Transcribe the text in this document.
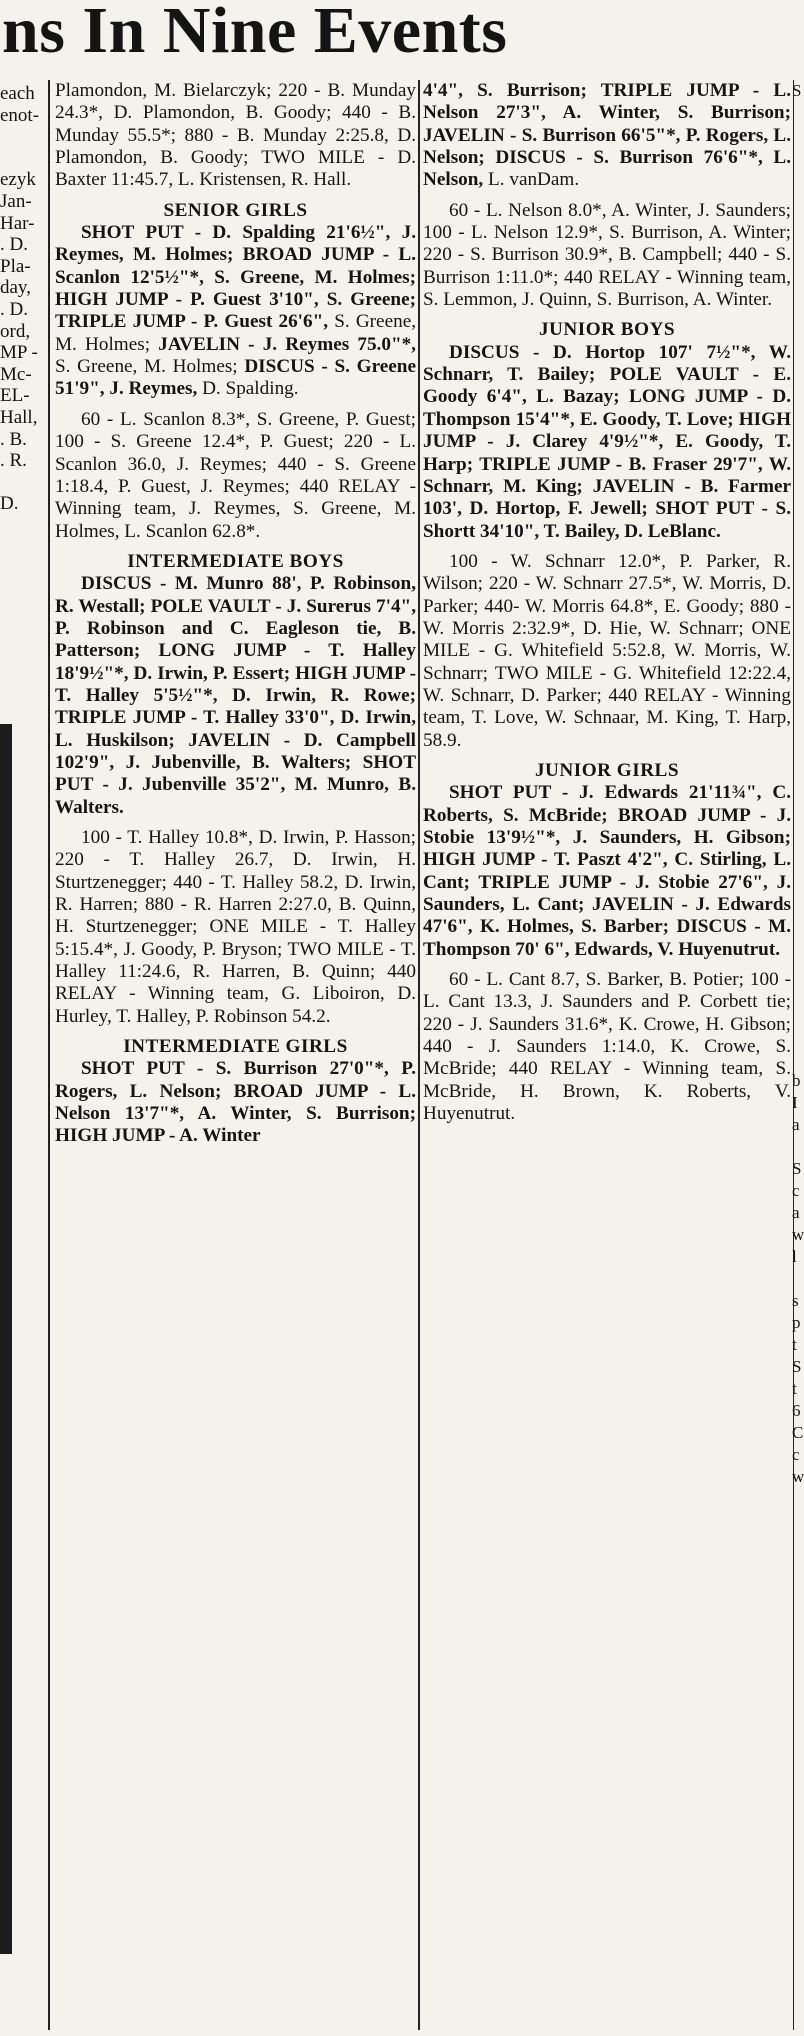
ns In Nine Events
each
enot-

ezyk
Jan-
Har-
. D.
Pla-
day,
. D.
ord,
MP -
Mc-
EL-
Hall,
. B.
. R.

D.

Plamondon, M. Bielarczyk; 220 - B. Munday 24.3*, D. Plamondon, B. Goody; 440 - B. Munday 55.5*; 880 - B. Munday 2:25.8, D. Plamondon, B. Goody; TWO MILE - D. Baxter 11:45.7, L. Kristensen, R. Hall.

SENIOR GIRLS

SHOT PUT - D. Spalding 21'6½", J. Reymes, M. Holmes; BROAD JUMP - L. Scanlon 12'5½"*, S. Greene, M. Holmes; HIGH JUMP - P. Guest 3'10", S. Greene; TRIPLE JUMP - P. Guest 26'6", S. Greene, M. Holmes; JAVELIN - J. Reymes 75.0"*, S. Greene, M. Holmes; DISCUS - S. Greene 51'9", J. Reymes, D. Spalding.

60 - L. Scanlon 8.3*, S. Greene, P. Guest; 100 - S. Greene 12.4*, P. Guest; 220 - L. Scanlon 36.0, J. Reymes; 440 - S. Greene 1:18.4, P. Guest, J. Reymes; 440 RELAY - Winning team, J. Reymes, S. Greene, M. Holmes, L. Scanlon 62.8*.

INTERMEDIATE BOYS

DISCUS - M. Munro 88', P. Robinson, R. Westall; POLE VAULT - J. Surerus 7'4", P. Robinson and C. Eagleson tie, B. Patterson; LONG JUMP - T. Halley 18'9½"*, D. Irwin, P. Essert; HIGH JUMP - T. Halley 5'5½"*, D. Irwin, R. Rowe; TRIPLE JUMP - T. Halley 33'0", D. Irwin, L. Huskilson; JAVELIN - D. Campbell 102'9", J. Jubenville, B. Walters; SHOT PUT - J. Jubenville 35'2", M. Munro, B. Walters.

100 - T. Halley 10.8*, D. Irwin, P. Hasson; 220 - T. Halley 26.7, D. Irwin, H. Sturtzenegger; 440 - T. Halley 58.2, D. Irwin, R. Harren; 880 - R. Harren 2:27.0, B. Quinn, H. Sturtzenegger; ONE MILE - T. Halley 5:15.4*, J. Goody, P. Bryson; TWO MILE - T. Halley 11:24.6, R. Harren, B. Quinn; 440 RELAY - Winning team, G. Liboiron, D. Hurley, T. Halley, P. Robinson 54.2.

INTERMEDIATE GIRLS

SHOT PUT - S. Burrison 27'0"*, P. Rogers, L. Nelson; BROAD JUMP - L. Nelson 13'7"*, A. Winter, S. Burrison; HIGH JUMP - A. Winter

4'4", S. Burrison; TRIPLE JUMP - L. Nelson 27'3", A. Winter, S. Burrison; JAVELIN - S. Burrison 66'5"*, P. Rogers, L. Nelson; DISCUS - S. Burrison 76'6"*, L. Nelson, L. vanDam.

60 - L. Nelson 8.0*, A. Winter, J. Saunders; 100 - L. Nelson 12.9*, S. Burrison, A. Winter; 220 - S. Burrison 30.9*, B. Campbell; 440 - S. Burrison 1:11.0*; 440 RELAY - Winning team, S. Lemmon, J. Quinn, S. Burrison, A. Winter.

JUNIOR BOYS

DISCUS - D. Hortop 107' 7½"*, W. Schnarr, T. Bailey; POLE VAULT - E. Goody 6'4", L. Bazay; LONG JUMP - D. Thompson 15'4"*, E. Goody, T. Love; HIGH JUMP - J. Clarey 4'9½"*, E. Goody, T. Harp; TRIPLE JUMP - B. Fraser 29'7", W. Schnarr, M. King; JAVELIN - B. Farmer 103', D. Hortop, F. Jewell; SHOT PUT - S. Shortt 34'10", T. Bailey, D. LeBlanc.

100 - W. Schnarr 12.0*, P. Parker, R. Wilson; 220 - W. Schnarr 27.5*, W. Morris, D. Parker; 440- W. Morris 64.8*, E. Goody; 880 - W. Morris 2:32.9*, D. Hie, W. Schnarr; ONE MILE - G. Whitefield 5:52.8, W. Morris, W. Schnarr; TWO MILE - G. Whitefield 12:22.4, W. Schnarr, D. Parker; 440 RELAY - Winning team, T. Love, W. Schnaar, M. King, T. Harp, 58.9.

JUNIOR GIRLS

SHOT PUT - J. Edwards 21'11¾", C. Roberts, S. McBride; BROAD JUMP - J. Stobie 13'9½"*, J. Saunders, H. Gibson; HIGH JUMP - T. Paszt 4'2", C. Stirling, L. Cant; TRIPLE JUMP - J. Stobie 27'6", J. Saunders, L. Cant; JAVELIN - J. Edwards 47'6", K. Holmes, S. Barber; DISCUS - M. Thompson 70' 6", Edwards, V. Huyenutrut.

60 - L. Cant 8.7, S. Barker, B. Potier; 100 - L. Cant 13.3, J. Saunders and P. Corbett tie; 220 - J. Saunders 31.6*, K. Crowe, H. Gibson; 440 - J. Saunders 1:14.0, K. Crowe, S. McBride; 440 RELAY - Winning team, S. McBride, H. Brown, K. Roberts, V. Huyenutrut.

S

b
I
a

S
c
a
w
l

s
p
t
S
t
6
C
c
w
